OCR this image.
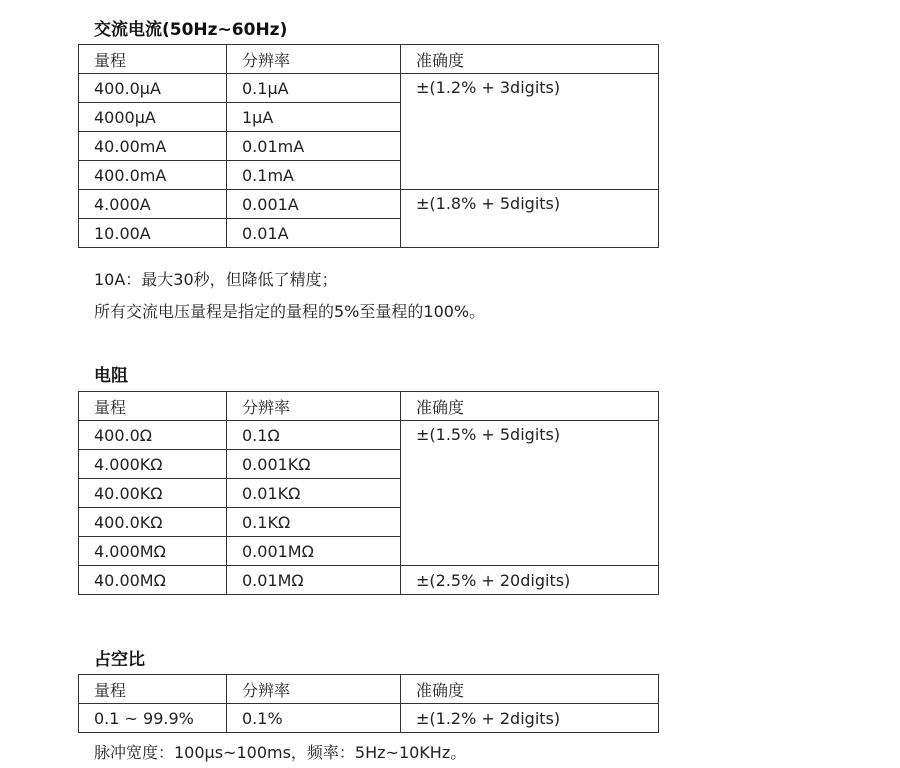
交流电流(50Hz~60Hz)
量程	分辨率	准确度
400.0μA	0.1μA	±(1.2% + 3digits)
4000μA	1μA	
40.00mA	0.01mA	
400.0mA	0.1mA	
4.000A	0.001A	±(1.8% + 5digits)
10.00A	0.01A	
10A：最大30秒，但降低了精度；
所有交流电压量程是指定的量程的5%至量程的100%。
电阻
量程	分辨率	准确度
400.0Ω	0.1Ω	±(1.5% + 5digits)
4.000KΩ	0.001KΩ	
40.00KΩ	0.01KΩ	
400.0KΩ	0.1KΩ	
4.000MΩ	0.001MΩ	
40.00MΩ	0.01MΩ	±(2.5% + 20digits)
占空比
量程	分辨率	准确度
0.1 ~ 99.9%	0.1%	±(1.2% + 2digits)
脉冲宽度：100μs~100ms，频率：5Hz~10KHz。
